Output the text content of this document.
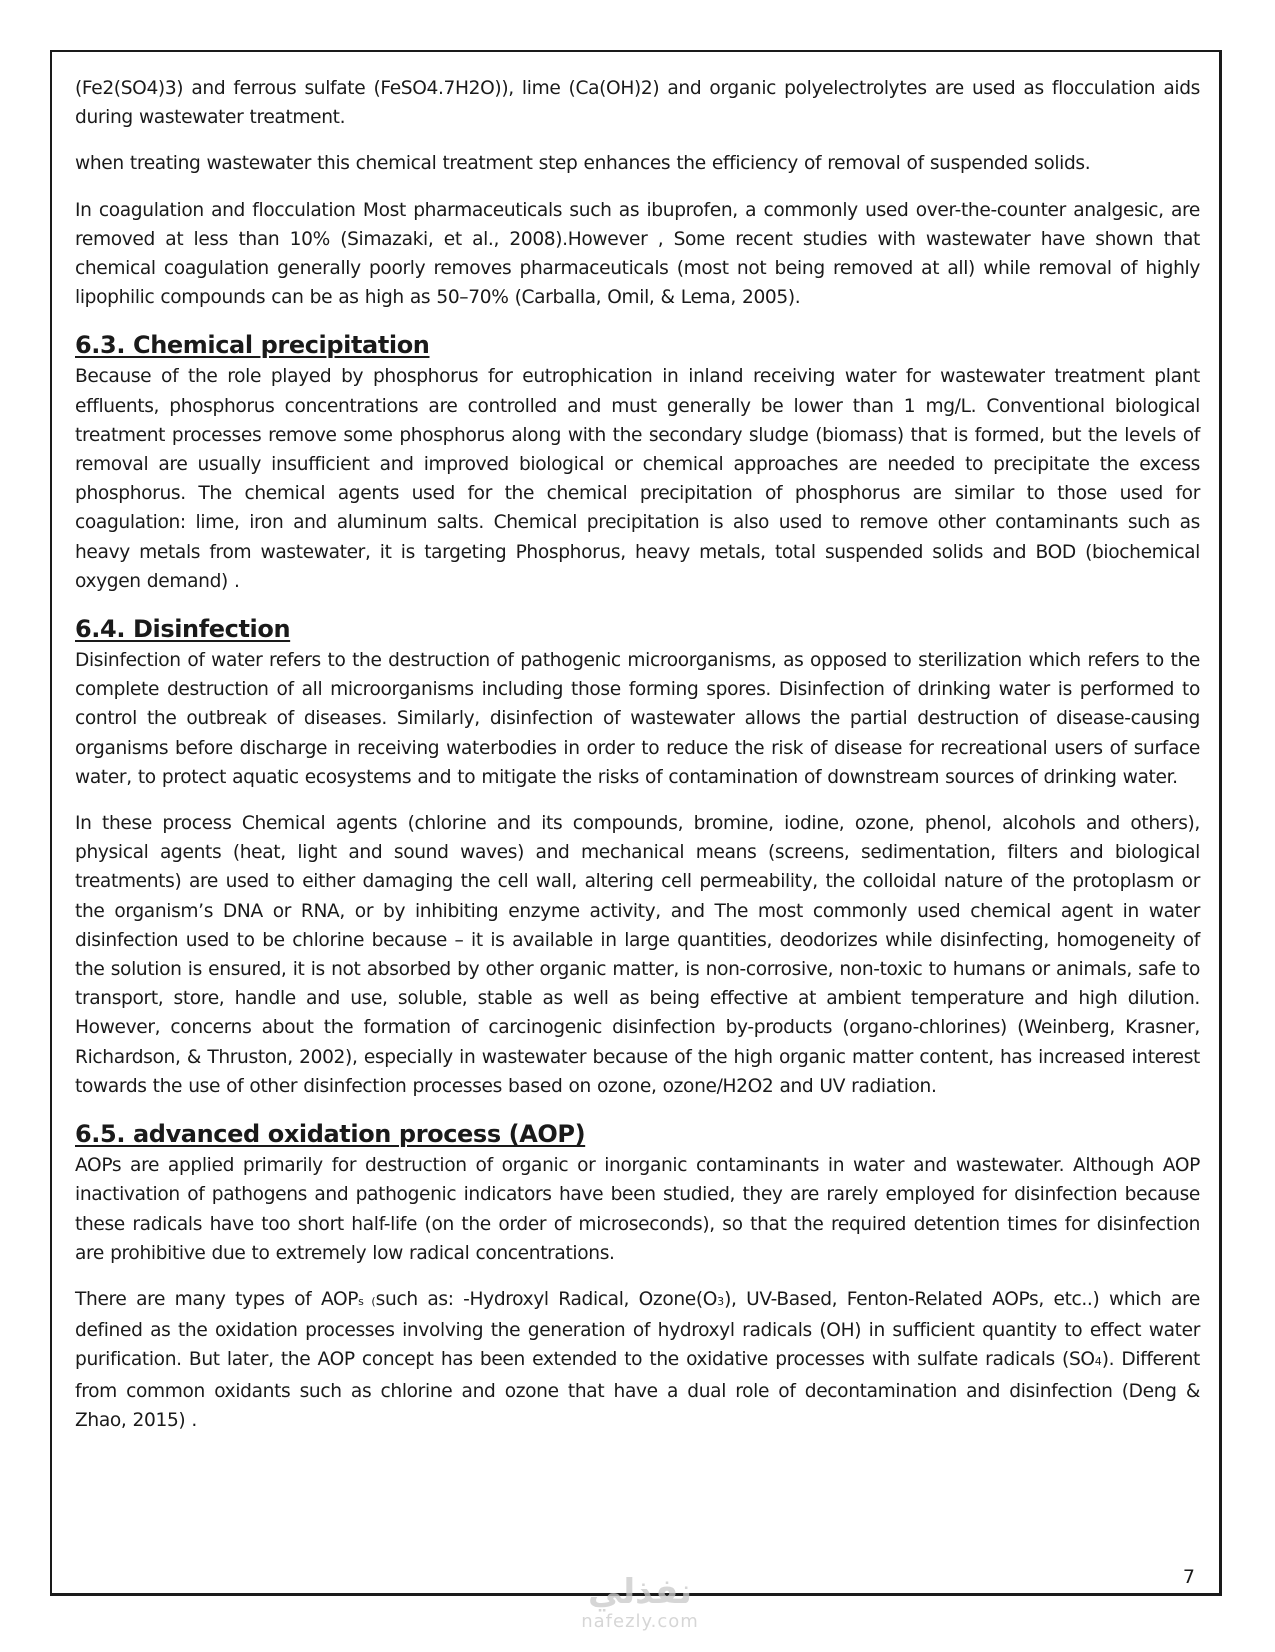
(Fe2(SO4)3) and ferrous sulfate (FeSO4.7H2O)), lime (Ca(OH)2) and organic polyelectrolytes are used as flocculation aids during wastewater treatment.

when treating wastewater this chemical treatment step enhances the efficiency of removal of suspended solids.

In coagulation and flocculation Most pharmaceuticals such as ibuprofen, a commonly used over-the-counter analgesic, are removed at less than 10% (Simazaki, et al., 2008).However , Some recent studies with wastewater have shown that chemical coagulation generally poorly removes pharmaceuticals (most not being removed at all) while removal of highly lipophilic compounds can be as high as 50–70% (Carballa, Omil, & Lema, 2005).

6.3. Chemical precipitation

Because of the role played by phosphorus for eutrophication in inland receiving water for wastewater treatment plant effluents, phosphorus concentrations are controlled and must generally be lower than 1 mg/L. Conventional biological treatment processes remove some phosphorus along with the secondary sludge (biomass) that is formed, but the levels of removal are usually insufficient and improved biological or chemical approaches are needed to precipitate the excess phosphorus. The chemical agents used for the chemical precipitation of phosphorus are similar to those used for coagulation: lime, iron and aluminum salts. Chemical precipitation is also used to remove other contaminants such as heavy metals from wastewater, it is targeting Phosphorus, heavy metals, total suspended solids and BOD (biochemical oxygen demand) .

6.4. Disinfection

Disinfection of water refers to the destruction of pathogenic microorganisms, as opposed to sterilization which refers to the complete destruction of all microorganisms including those forming spores. Disinfection of drinking water is performed to control the outbreak of diseases. Similarly, disinfection of wastewater allows the partial destruction of disease-causing organisms before discharge in receiving waterbodies in order to reduce the risk of disease for recreational users of surface water, to protect aquatic ecosystems and to mitigate the risks of contamination of downstream sources of drinking water.

In these process Chemical agents (chlorine and its compounds, bromine, iodine, ozone, phenol, alcohols and others), physical agents (heat, light and sound waves) and mechanical means (screens, sedimentation, filters and biological treatments) are used to either damaging the cell wall, altering cell permeability, the colloidal nature of the protoplasm or the organism’s DNA or RNA, or by inhibiting enzyme activity, and The most commonly used chemical agent in water disinfection used to be chlorine because – it is available in large quantities, deodorizes while disinfecting, homogeneity of the solution is ensured, it is not absorbed by other organic matter, is non-corrosive, non-toxic to humans or animals, safe to transport, store, handle and use, soluble, stable as well as being effective at ambient temperature and high dilution. However, concerns about the formation of carcinogenic disinfection by-products (organo-chlorines) (Weinberg, Krasner, Richardson, & Thruston, 2002), especially in wastewater because of the high organic matter content, has increased interest towards the use of other disinfection processes based on ozone, ozone/H2O2 and UV radiation.

6.5. advanced oxidation process (AOP)

AOPs are applied primarily for destruction of organic or inorganic contaminants in water and wastewater. Although AOP inactivation of pathogens and pathogenic indicators have been studied, they are rarely employed for disinfection because these radicals have too short half-life (on the order of microseconds), so that the required detention times for disinfection are prohibitive due to extremely low radical concentrations.

There are many types of AOPs (such as: -Hydroxyl Radical, Ozone(O3), UV-Based, Fenton-Related AOPs, etc..) which are defined as the oxidation processes involving the generation of hydroxyl radicals (OH) in sufficient quantity to effect water purification. But later, the AOP concept has been extended to the oxidative processes with sulfate radicals (SO4). Different from common oxidants such as chlorine and ozone that have a dual role of decontamination and disinfection (Deng & Zhao, 2015) .

7
نفذلي
nafezly.com
